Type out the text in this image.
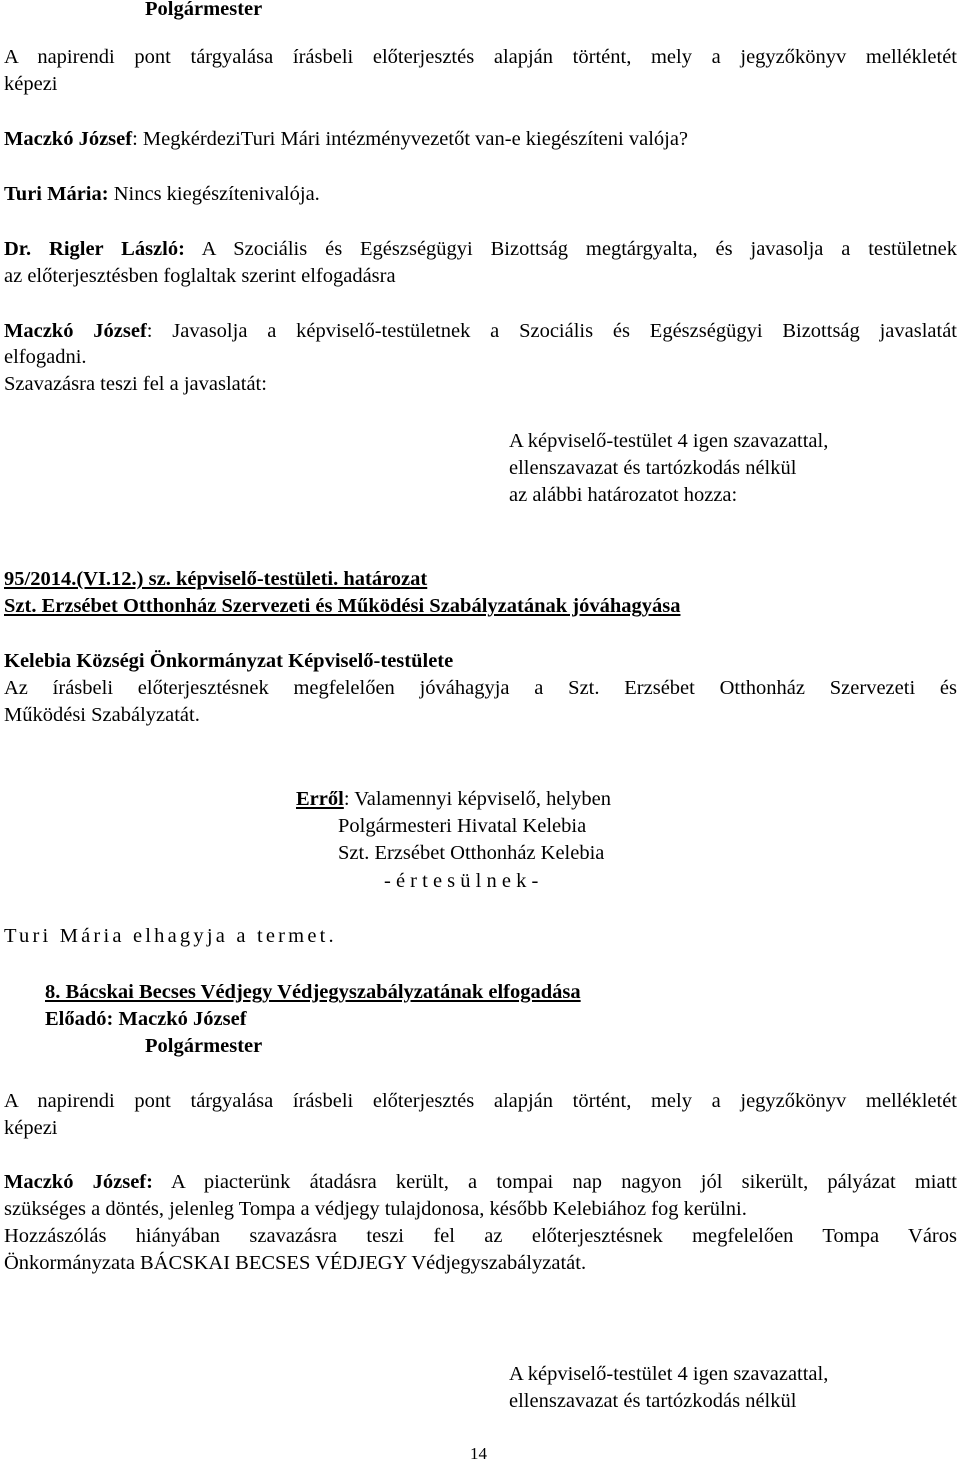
Polgármester
A napirendi pont tárgyalása írásbeli előterjesztés alapján történt, mely a jegyzőkönyv mellékletét
képezi
Maczkó József: MegkérdeziTuri Mári intézményvezetőt van-e kiegészíteni valója?
Turi Mária: Nincs kiegészítenivalója.
Dr. Rigler László: A Szociális és Egészségügyi Bizottság megtárgyalta, és javasolja a testületnek
az előterjesztésben foglaltak szerint elfogadásra
Maczkó József: Javasolja a képviselő-testületnek a Szociális és Egészségügyi Bizottság javaslatát
elfogadni.
Szavazásra teszi fel a javaslatát:
A képviselő-testület 4 igen szavazattal,
ellenszavazat és tartózkodás nélkül
az alábbi határozatot hozza:
95/2014.(VI.12.) sz. képviselő-testületi. határozat
Szt. Erzsébet Otthonház Szervezeti és Működési Szabályzatának jóváhagyása
Kelebia Községi Önkormányzat Képviselő-testülete
Az írásbeli előterjesztésnek megfelelően jóváhagyja a Szt. Erzsébet Otthonház Szervezeti és
Működési Szabályzatát.
Erről: Valamennyi képviselő, helyben
Polgármesteri Hivatal Kelebia
Szt. Erzsébet Otthonház Kelebia
- é r t e s ü l n e k -
Turi Mária elhagyja a termet.
8. Bácskai Becses Védjegy Védjegyszabályzatának elfogadása
Előadó: Maczkó József
Polgármester
A napirendi pont tárgyalása írásbeli előterjesztés alapján történt, mely a jegyzőkönyv mellékletét
képezi
Maczkó József: A piacterünk átadásra került, a tompai nap nagyon jól sikerült, pályázat miatt
szükséges a döntés, jelenleg Tompa a védjegy tulajdonosa, később Kelebiához fog kerülni.
Hozzászólás hiányában szavazásra teszi fel az előterjesztésnek megfelelően Tompa Város
Önkormányzata BÁCSKAI BECSES VÉDJEGY Védjegyszabályzatát.
A képviselő-testület 4 igen szavazattal,
ellenszavazat és tartózkodás nélkül
14
